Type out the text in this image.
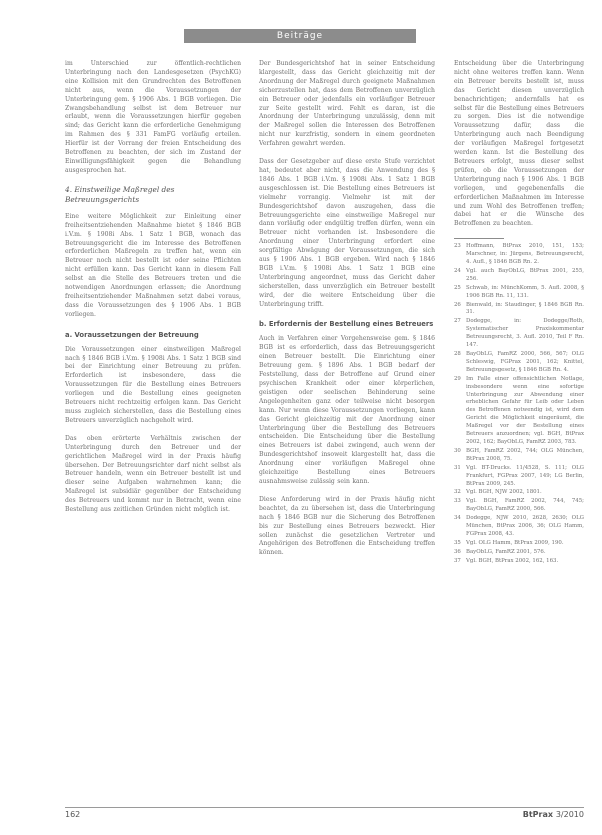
Beiträge

im Unterschied zur öffentlich-rechtlichen Unterbringung nach den Landesgesetzen (PsychKG) eine Kollision mit den Grundrechten des Betroffenen nicht aus, wenn die Voraussetzungen der Unterbringung gem. § 1906 Abs. 1 BGB vorliegen. Die Zwangsbehandlung selbst ist dem Betreuer nur erlaubt, wenn die Voraussetzungen hierfür gegeben sind; das Gericht kann die erforderliche Genehmigung im Rahmen des § 331 FamFG vorläufig erteilen. Hierfür ist der Vorrang der freien Entscheidung des Betroffenen zu beachten, der sich im Zustand der Einwilligungsfähigkeit gegen die Behandlung ausgesprochen hat.

4. Einstweilige Maßregel des Betreuungsgerichts

Eine weitere Möglichkeit zur Einleitung einer freiheitsentziehenden Maßnahme bietet § 1846 BGB i.V.m. § 1908i Abs. 1 Satz 1 BGB, wonach das Betreuungsgericht die im Interesse des Betroffenen erforderlichen Maßregeln zu treffen hat, wenn ein Betreuer noch nicht bestellt ist oder seine Pflichten nicht erfüllen kann. Das Gericht kann in diesem Fall selbst an die Stelle des Betreuers treten und die notwendigen Anordnungen erlassen; die Anordnung freiheitsentziehender Maßnahmen setzt dabei voraus, dass die Voraussetzungen des § 1906 Abs. 1 BGB vorliegen.

a. Voraussetzungen der Betreuung

Die Voraussetzungen einer einstweiligen Maßregel nach § 1846 BGB i.V.m. § 1908i Abs. 1 Satz 1 BGB sind bei der Einrichtung einer Betreuung zu prüfen. Erforderlich ist insbesondere, dass die Voraussetzungen für die Bestellung eines Betreuers vorliegen und die Bestellung eines geeigneten Betreuers nicht rechtzeitig erfolgen kann. Das Gericht muss zugleich sicherstellen, dass die Bestellung eines Betreuers unverzüglich nachgeholt wird.

Das oben erörterte Verhältnis zwischen der Unterbringung durch den Betreuer und der gerichtlichen Maßregel wird in der Praxis häufig übersehen. Der Betreuungsrichter darf nicht selbst als Betreuer handeln, wenn ein Betreuer bestellt ist und dieser seine Aufgaben wahrnehmen kann; die Maßregel ist subsidiär gegenüber der Entscheidung des Betreuers und kommt nur in Betracht, wenn eine Bestellung aus zeitlichen Gründen nicht möglich ist.

Der Bundesgerichtshof hat in seiner Entscheidung klargestellt, dass das Gericht gleichzeitig mit der Anordnung der Maßregel durch geeignete Maßnahmen sicherzustellen hat, dass dem Betroffenen unverzüglich ein Betreuer oder jedenfalls ein vorläufiger Betreuer zur Seite gestellt wird. Fehlt es daran, ist die Anordnung der Unterbringung unzulässig, denn mit der Maßregel sollen die Interessen des Betroffenen nicht nur kurzfristig, sondern in einem geordneten Verfahren gewahrt werden.

Dass der Gesetzgeber auf diese erste Stufe verzichtet hat, bedeutet aber nicht, dass die Anwendung des § 1846 Abs. 1 BGB i.V.m. § 1908i Abs. 1 Satz 1 BGB ausgeschlossen ist. Die Bestellung eines Betreuers ist vielmehr vorrangig. Vielmehr ist mit der Bundesgerichtshof davon auszugehen, dass die Betreuungsgerichte eine einstweilige Maßregel nur dann vorläufig oder endgültig treffen dürfen, wenn ein Betreuer nicht vorhanden ist. Insbesondere die Anordnung einer Unterbringung erfordert eine sorgfältige Abwägung der Voraussetzungen, die sich aus § 1906 Abs. 1 BGB ergeben. Wird nach § 1846 BGB i.V.m. § 1908i Abs. 1 Satz 1 BGB eine Unterbringung angeordnet, muss das Gericht daher sicherstellen, dass unverzüglich ein Betreuer bestellt wird, der die weitere Entscheidung über die Unterbringung trifft.

b. Erfordernis der Bestellung eines Betreuers

Auch in Verfahren einer Vorgehensweise gem. § 1846 BGB ist es erforderlich, dass das Betreuungsgericht einen Betreuer bestellt. Die Einrichtung einer Betreuung gem. § 1896 Abs. 1 BGB bedarf der Feststellung, dass der Betroffene auf Grund einer psychischen Krankheit oder einer körperlichen, geistigen oder seelischen Behinderung seine Angelegenheiten ganz oder teilweise nicht besorgen kann. Nur wenn diese Voraussetzungen vorliegen, kann das Gericht gleichzeitig mit der Anordnung einer Unterbringung über die Bestellung des Betreuers entscheiden. Die Entscheidung über die Bestellung eines Betreuers ist dabei zwingend, auch wenn der Bundesgerichtshof insoweit klargestellt hat, dass die Anordnung einer vorläufigen Maßregel ohne gleichzeitige Bestellung eines Betreuers ausnahmsweise zulässig sein kann.

Diese Anforderung wird in der Praxis häufig nicht beachtet, da zu übersehen ist, dass die Unterbringung nach § 1846 BGB nur die Sicherung des Betroffenen bis zur Bestellung eines Betreuers bezweckt. Hier sollen zunächst die gesetzlichen Vertreter und Angehörigen des Betroffenen die Entscheidung treffen können.

Entscheidung über die Unterbringung nicht ohne weiteres treffen kann. Wenn ein Betreuer bereits bestellt ist, muss das Gericht diesen unverzüglich benachrichtigen; andernfalls hat es selbst für die Bestellung eines Betreuers zu sorgen. Dies ist die notwendige Voraussetzung dafür, dass die Unterbringung auch nach Beendigung der vorläufigen Maßregel fortgesetzt werden kann. Ist die Bestellung des Betreuers erfolgt, muss dieser selbst prüfen, ob die Voraussetzungen der Unterbringung nach § 1906 Abs. 1 BGB vorliegen, und gegebenenfalls die erforderlichen Maßnahmen im Interesse und zum Wohl des Betroffenen treffen; dabei hat er die Wünsche des Betroffenen zu beachten.

23 Hoffmann, BtPrax 2010, 151, 153; Marschner, in: Jürgens, Betreuungsrecht, 4. Aufl., § 1846 BGB Rn. 2.
24 Vgl. auch BayObLG, BtPrax 2001, 255, 256.
25 Schwab, in: MünchKomm, 5. Aufl. 2008, § 1906 BGB Rn. 11, 131.
26 Bienwald, in: Staudinger, § 1846 BGB Rn. 31.
27 Dodegge, in: Dodegge/Roth, Systematischer Praxiskommentar Betreuungsrecht, 3. Aufl. 2010, Teil F Rn. 147.
28 BayObLG, FamRZ 2000, 566, 567; OLG Schleswig, FGPrax 2001, 162; Knittel, Betreuungsgesetz, § 1846 BGB Rn. 4.
29 Im Falle einer offensichtlichen Notlage, insbesondere wenn eine sofortige Unterbringung zur Abwendung einer erheblichen Gefahr für Leib oder Leben des Betroffenen notwendig ist, wird dem Gericht die Möglichkeit eingeräumt, die Maßregel vor der Bestellung eines Betreuers anzuordnen; vgl. BGH, BtPrax 2002, 162; BayObLG, FamRZ 2003, 783.
30 BGH, FamRZ 2002, 744; OLG München, BtPrax 2008, 75.
31 Vgl. BT-Drucks. 11/4528, S. 111; OLG Frankfurt, FGPrax 2007, 149; LG Berlin, BtPrax 2009, 245.
32 Vgl. BGH, NJW 2002, 1801.
33 Vgl. BGH, FamRZ 2002, 744, 745; BayObLG, FamRZ 2000, 566.
34 Dodegge, NJW 2010, 2628, 2630; OLG München, BtPrax 2006, 36; OLG Hamm, FGPrax 2008, 43.
35 Vgl. OLG Hamm, BtPrax 2009, 190.
36 BayObLG, FamRZ 2001, 576.
37 Vgl. BGH, BtPrax 2002, 162, 163.
162	BtPrax 3/2010
